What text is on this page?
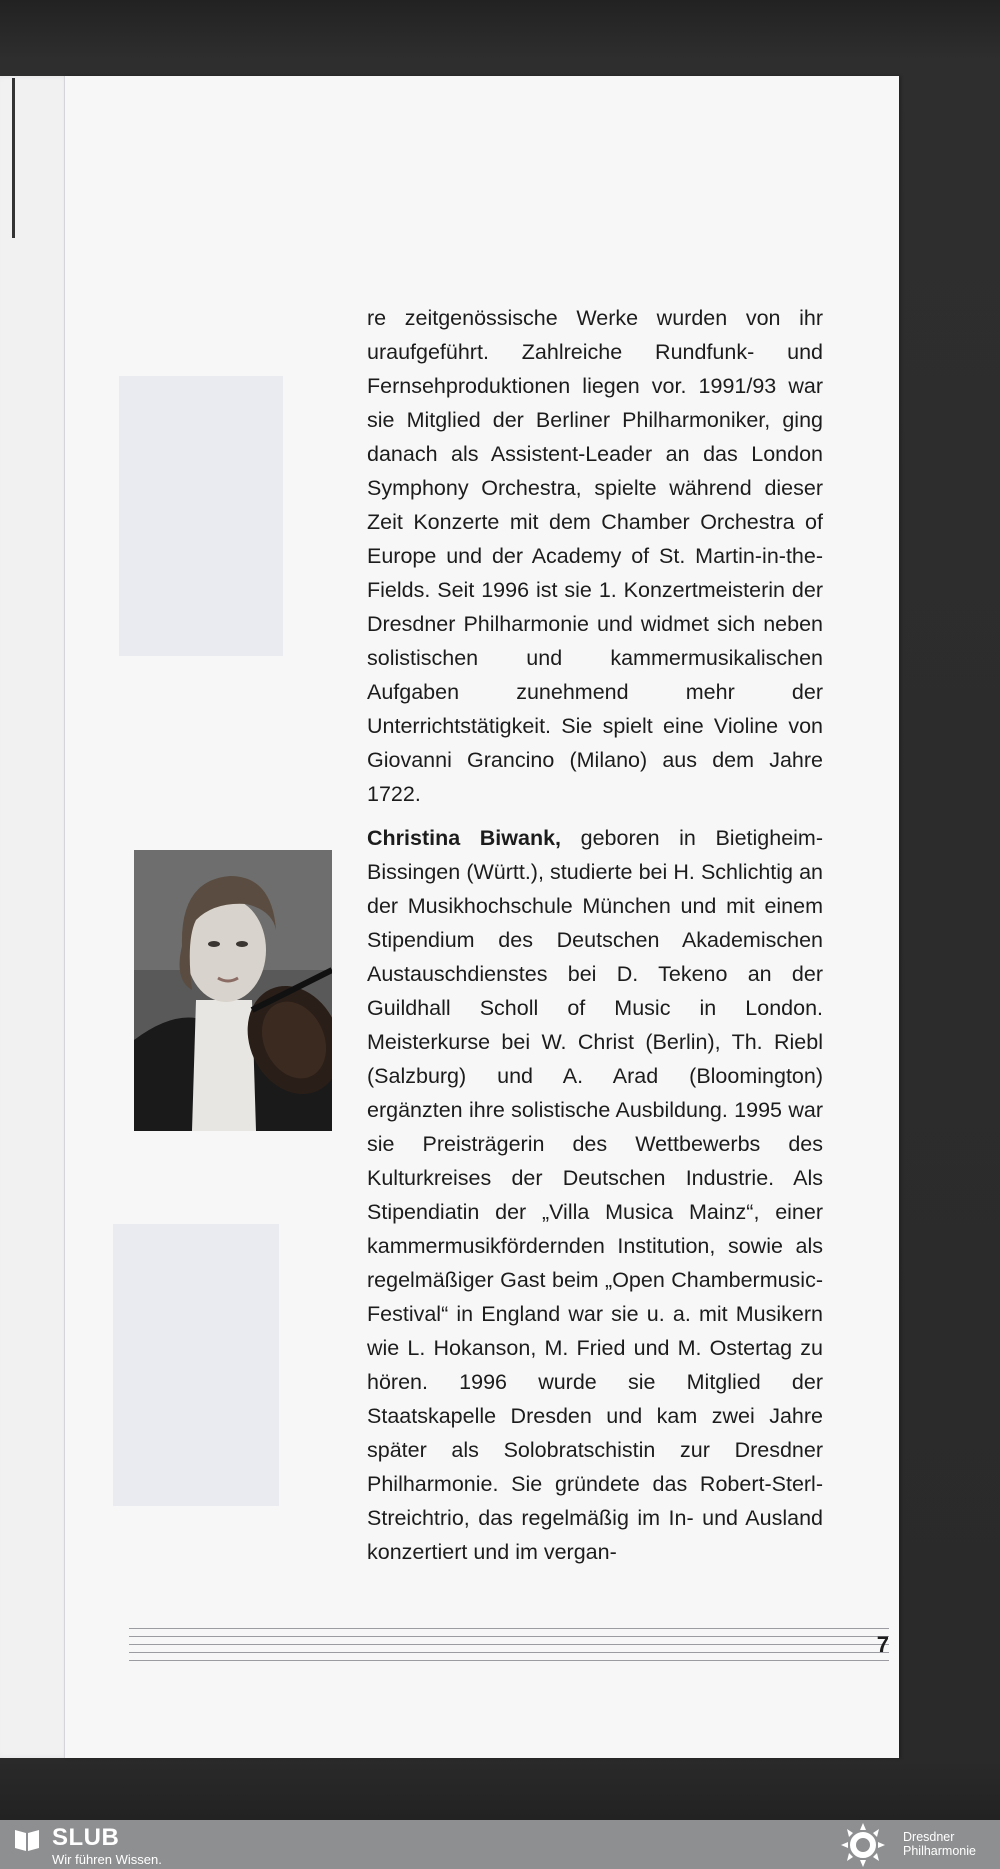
re zeitgenössische Werke wurden von ihr uraufgeführt. Zahlreiche Rundfunk- und Fernsehproduktionen liegen vor. 1991/93 war sie Mitglied der Berliner Philharmoniker, ging danach als Assistent-Leader an das London Symphony Orchestra, spielte während dieser Zeit Konzerte mit dem Chamber Orchestra of Europe und der Academy of St. Martin-in-the-Fields. Seit 1996 ist sie 1. Konzertmeisterin der Dresdner Philharmonie und widmet sich neben solistischen und kammermusikalischen Aufgaben zunehmend mehr der Unterrichtstätigkeit. Sie spielt eine Violine von Giovanni Grancino (Milano) aus dem Jahre 1722.

Christina Biwank, geboren in Bietigheim-Bissingen (Württ.), studierte bei H. Schlichtig an der Musikhochschule München und mit einem Stipendium des Deutschen Akademischen Austauschdienstes bei D. Tekeno an der Guildhall Scholl of Music in London. Meisterkurse bei W. Christ (Berlin), Th. Riebl (Salzburg) und A. Arad (Bloomington) ergänzten ihre solistische Ausbildung. 1995 war sie Preisträgerin des Wettbewerbs des Kulturkreises der Deutschen Industrie. Als Stipendiatin der „Villa Musica Mainz“, einer kammermusikfördernden Institution, sowie als regelmäßiger Gast beim „Open Chambermusic-Festival“ in England war sie u. a. mit Musikern wie L. Hokanson, M. Fried und M. Ostertag zu hören. 1996 wurde sie Mitglied der Staatskapelle Dresden und kam zwei Jahre später als Solobratschistin zur Dresdner Philharmonie. Sie gründete das Robert-Sterl-Streichtrio, das regelmäßig im In- und Ausland konzertiert und im vergan-

7
SLUB
Wir führen Wissen.
Dresdner
Philharmonie
